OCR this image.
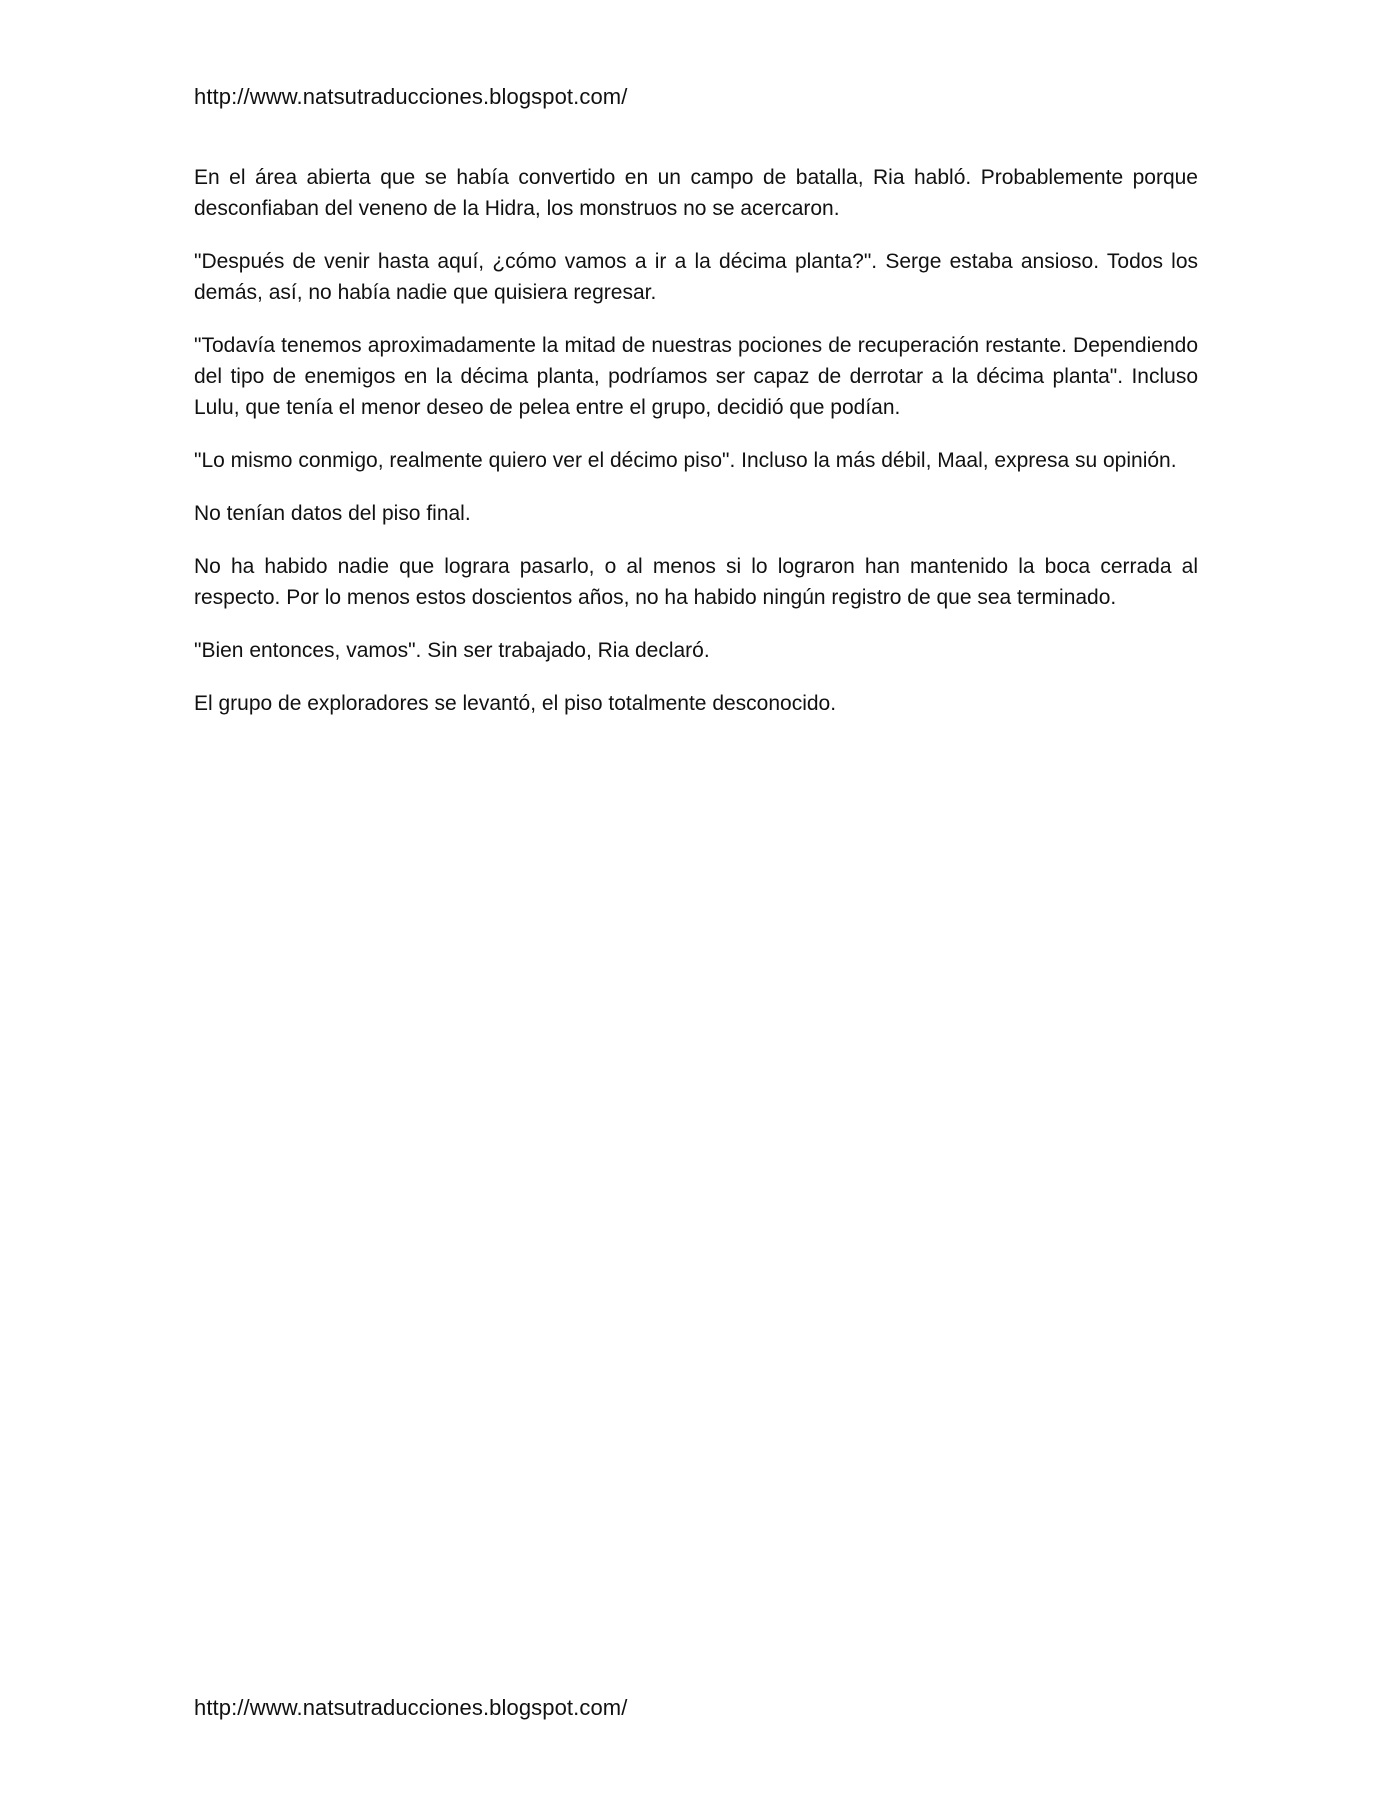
http://www.natsutraducciones.blogspot.com/

En el área abierta que se había convertido en un campo de batalla, Ria habló. Probablemente porque desconfiaban del veneno de la Hidra, los monstruos no se acercaron.

"Después de venir hasta aquí, ¿cómo vamos a ir a la décima planta?". Serge estaba ansioso. Todos los demás, así, no había nadie que quisiera regresar.

"Todavía tenemos aproximadamente la mitad de nuestras pociones de recuperación restante. Dependiendo del tipo de enemigos en la décima planta, podríamos ser capaz de derrotar a la décima planta". Incluso Lulu, que tenía el menor deseo de pelea entre el grupo, decidió que podían.

"Lo mismo conmigo, realmente quiero ver el décimo piso". Incluso la más débil, Maal, expresa su opinión.

No tenían datos del piso final.

No ha habido nadie que lograra pasarlo, o al menos si lo lograron han mantenido la boca cerrada al respecto. Por lo menos estos doscientos años, no ha habido ningún registro de que sea terminado.

"Bien entonces, vamos". Sin ser trabajado, Ria declaró.

El grupo de exploradores se levantó, el piso totalmente desconocido.

http://www.natsutraducciones.blogspot.com/
